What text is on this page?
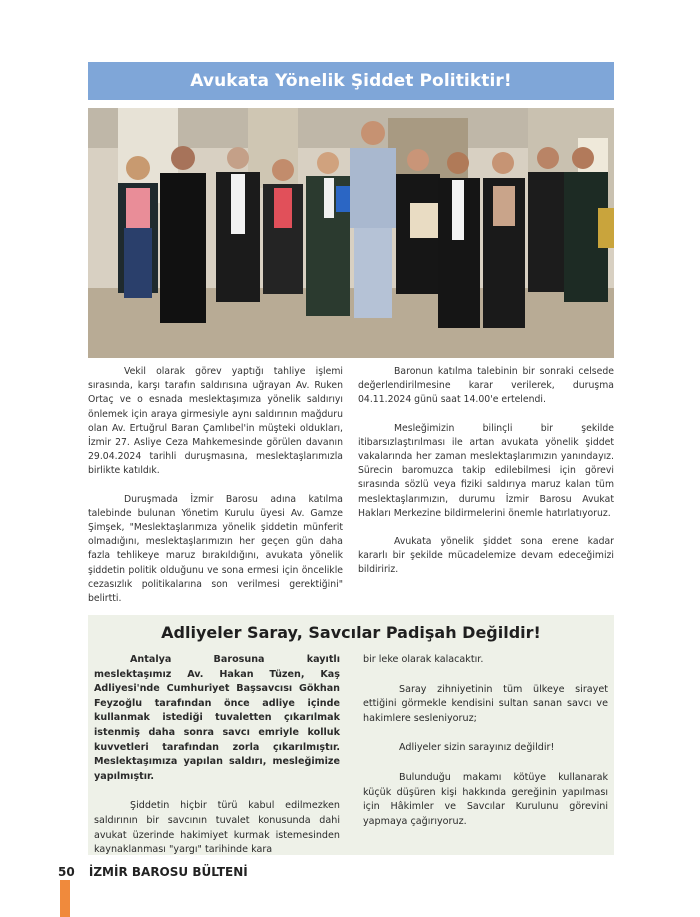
Avukata Yönelik Şiddet Politiktir!

Vekil olarak görev yaptığı tahliye işlemi sırasında, karşı tarafın saldırısına uğrayan Av. Ruken Ortaç ve o esnada meslektaşımıza yönelik saldırıyı önlemek için araya girmesiyle aynı saldırının mağduru olan Av. Ertuğrul Baran Çamlıbel'in müşteki oldukları, İzmir 27. Asliye Ceza Mahkemesinde görülen davanın 29.04.2024 tarihli duruşmasına, meslektaşlarımızla birlikte katıldık.

Duruşmada İzmir Barosu adına katılma talebinde bulunan Yönetim Kurulu üyesi Av. Gamze Şimşek, "Meslektaşlarımıza yönelik şiddetin münferit olmadığını, meslektaşlarımızın her geçen gün daha fazla tehlikeye maruz bırakıldığını, avukata yönelik şiddetin politik olduğunu ve sona ermesi için öncelikle cezasızlık politikalarına son verilmesi gerektiğini" belirtti.

Baronun katılma talebinin bir sonraki celsede değerlendirilmesine karar verilerek, duruşma 04.11.2024 günü saat 14.00'e ertelendi.

Mesleğimizin bilinçli bir şekilde itibarsızlaştırılması ile artan avukata yönelik şiddet vakalarında her zaman meslektaşlarımızın yanındayız. Sürecin baromuzca takip edilebilmesi için görevi sırasında sözlü veya fiziki saldırıya maruz kalan tüm meslektaşlarımızın, durumu İzmir Barosu Avukat Hakları Merkezine bildirmelerini önemle hatırlatıyoruz.

Avukata yönelik şiddet sona erene kadar kararlı bir şekilde mücadelemize devam edeceğimizi bildiririz.

Adliyeler Saray, Savcılar Padişah Değildir!

Antalya Barosuna kayıtlı meslektaşımız Av. Hakan Tüzen, Kaş Adliyesi'nde Cumhuriyet Başsavcısı Gökhan Feyzoğlu tarafından önce adliye içinde kullanmak istediği tuvaletten çıkarılmak istenmiş daha sonra savcı emriyle kolluk kuvvetleri tarafından zorla çıkarılmıştır. Meslektaşımıza yapılan saldırı, mesleğimize yapılmıştır.

Şiddetin hiçbir türü kabul edilmezken saldırının bir savcının tuvalet konusunda dahi avukat üzerinde hakimiyet kurmak istemesinden kaynaklanması "yargı" tarihinde kara

bir leke olarak kalacaktır.

Saray zihniyetinin tüm ülkeye sirayet ettiğini görmekle kendisini sultan sanan savcı ve hakimlere sesleniyoruz;

Adliyeler sizin sarayınız değildir!

Bulunduğu makamı kötüye kullanarak küçük düşüren kişi hakkında gereğinin yapılması için Hâkimler ve Savcılar Kurulunu görevini yapmaya çağırıyoruz.

50 İZMİR BAROSU BÜLTENİ
